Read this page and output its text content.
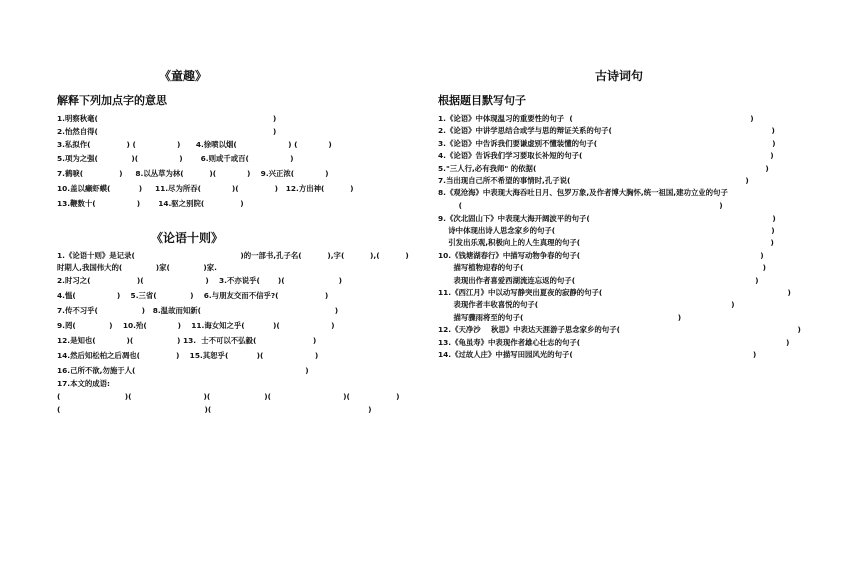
《童趣》
解释下列加点字的意思
1.明察秋毫(                                                                    )
2.怡然自得(                                                                    )
3.私拟作(              ) (                )      4.徐喷以烟(                    ) (            )
5.项为之强(             )(                )       6.则或千或百(                )
7.鹤唳(              )     8.以丛草为林(          )(            )    9.兴正浓(            )
10.盖以癞虾蟆(           )     11.尽为所吞(            )(              )   12.方出神(          )
13.鞭数十(                )       14.驱之别院(              )
《论语十则》
1.《论语十则》是记录(                                         )的一部书,孔子名(          ),字(          ),(          )
时期人,我国伟大的(             )家(             )家.
2.时习之(                  )(                        )    3.不亦说乎(       )(                     )
4.愠(                )    5.三省(             )    6.与朋友交而不信乎?(                  )
7.传不习乎(                 )   8.温故而知新(                                                    )
9.罔(             )    10.殆(            )    11.诲女知之乎(           )(                    )
12.是知也(            )(                 ) 13.  士不可以不弘毅(                      )
14.然后知松柏之后凋也(              )    15.其恕乎(           )(                    )
16.己所不欲,勿施于人(                                                                  )
17.本文的成语:
(                         )(                            )(                     )(                            )(                  )
(                                                        )(                                                             )
古诗词句
根据题目默写句子
1.《论语》中体现温习的重要性的句子  (                                                                     )
2.《论语》中讲学思结合或学与思的辩证关系的句子(                                                              )
3.《论语》中告诉我们要谦虚别不懂装懂的句子(                                                                    )
4.《论语》告诉我们学习要取长补短的句子(                                                                         )
5."三人行,必有我师" 的依据(                                                                                         )
7.当出现自己所不希望的事情时,孔子说(                                                                    )
8.《观沧海》中表现大海吞吐日月、包罗万象,及作者博大胸怀,统一祖国,建功立业的句子
(                                                                                                    )
9.《次北固山下》中表现大海开阔波平的句子(                                                                       )
诗中体现出诗人思念家乡的句子(                                                                                    )
引发出乐观,积极向上的人生真理的句子(                                                                          )
10.《钱塘湖春行》中描写动物争春的句子(                                                                      )
描写植物迎春的句子(                                                                                             )
表现出作者喜爱西湖流连忘返的句子(                                                                      )
11.《西江月》中以动写静突出夏夜的寂静的句子(                                                                        )
表现作者丰收喜悦的句子(                                                                           )
描写骤雨将至的句子(                                                            )
12.《天净沙    秋思》中表达天涯游子思念家乡的句子(                                                                     )
13.《龟虽寿》中表现作者雄心壮志的句子(                                                                                )
14.《过故人庄》中描写田园风光的句子(                                                                      )
